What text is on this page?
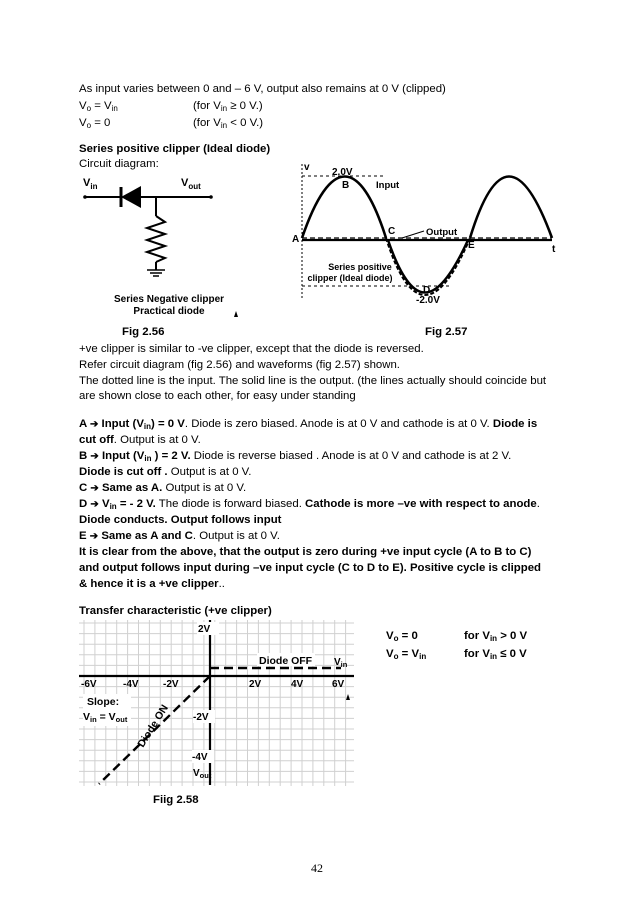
As input varies between 0 and – 6 V, output also remains at 0 V (clipped)
$V_o = V_{in}$	(for $V_{in} \ge 0$ V.)
$V_o = 0$	(for $V_{in} < 0$ V.)
Series positive clipper (Ideal diode)
Circuit diagram:
$V_{in}$	$V_{out}$
Series Negative clipper
Practical diode
v
t
2.0V
-2.0V
A
B
C
D
E
Input
Output
Series positive
clipper (Ideal diode)
Fig 2.56	Fig 2.57
+ve clipper is similar to -ve clipper, except that the diode is reversed.
Refer circuit diagram (fig 2.56) and waveforms (fig 2.57) shown.
The dotted line is the input. The solid line is the output. (the lines actually should coincide but
are shown close to each other, for easy under standing
A ➔ Input $(V_{in}) = 0$ V. Diode is zero biased. Anode is at 0 V and cathode is at 0 V. Diode is
cut off. Output is at 0 V.
B ➔ Input ($V_{in}$ ) = 2 V. Diode is reverse biased . Anode is at 0 V and cathode is at 2 V.
Diode is cut off . Output is at 0 V.
C ➔ Same as A. Output is at 0 V.
D ➔ $V_{in}$ = - 2 V. The diode is forward biased. Cathode is more –ve with respect to anode.
Diode conducts. Output follows input
E ➔ Same as A and C. Output is at 0 V.
It is clear from the above, that the output is zero during +ve input cycle (A to B to C)
and output follows input during –ve input cycle (C to D to E). Positive cycle is clipped
& hence it is a +ve clipper..
Transfer characteristic (+ve clipper)
$V_o = 0$	for $V_{in} > 0$ V
$V_o = V_{in}$	for $V_{in} \le 0$ V
2V
-2V
-4V
-6V	-4V -2V	2V	4V	6V
Diode OFF $V_{in}$
$V_{out}$
Diode ON
Slope:
Vin = Vout
Fiig 2.58
42
